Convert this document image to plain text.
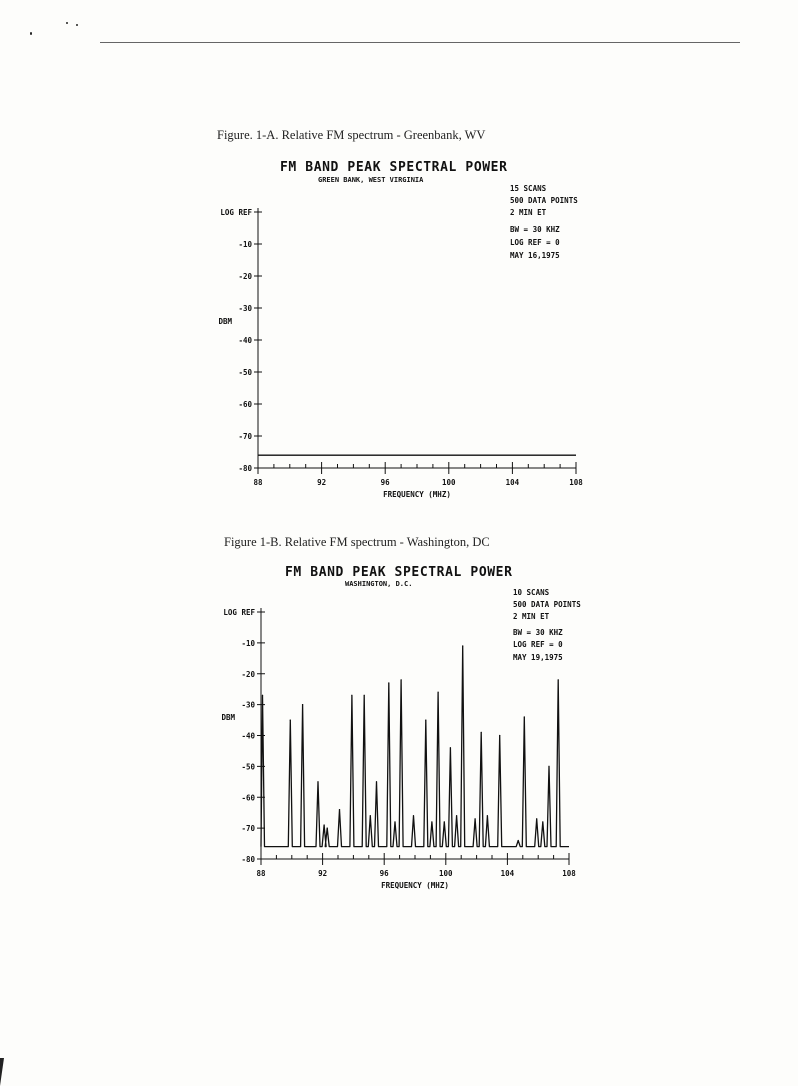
Figure. 1-A. Relative FM spectrum - Greenbank, WV
FM BAND PEAK SPECTRAL POWER
GREEN BANK, WEST VIRGINIA
15 SCANS
500 DATA POINTS
2 MIN ET
BW = 30 KHZ
LOG REF = 0
MAY 16,1975
LOG REF
-10
-20
-30
-40
-50
-60
-70
-80
88	92	96	100	104	108
FREQUENCY (MHZ)
DBM
Figure 1-B. Relative FM spectrum - Washington, DC
FM BAND PEAK SPECTRAL POWER
WASHINGTON, D.C.
10 SCANS
500 DATA POINTS
2 MIN ET
BW = 30 KHZ
LOG REF = 0
MAY 19,1975
LOG REF
-10
-20
-30
-40
-50
-60
-70
-80
88	92	96	100	104	108
FREQUENCY (MHZ)
DBM
